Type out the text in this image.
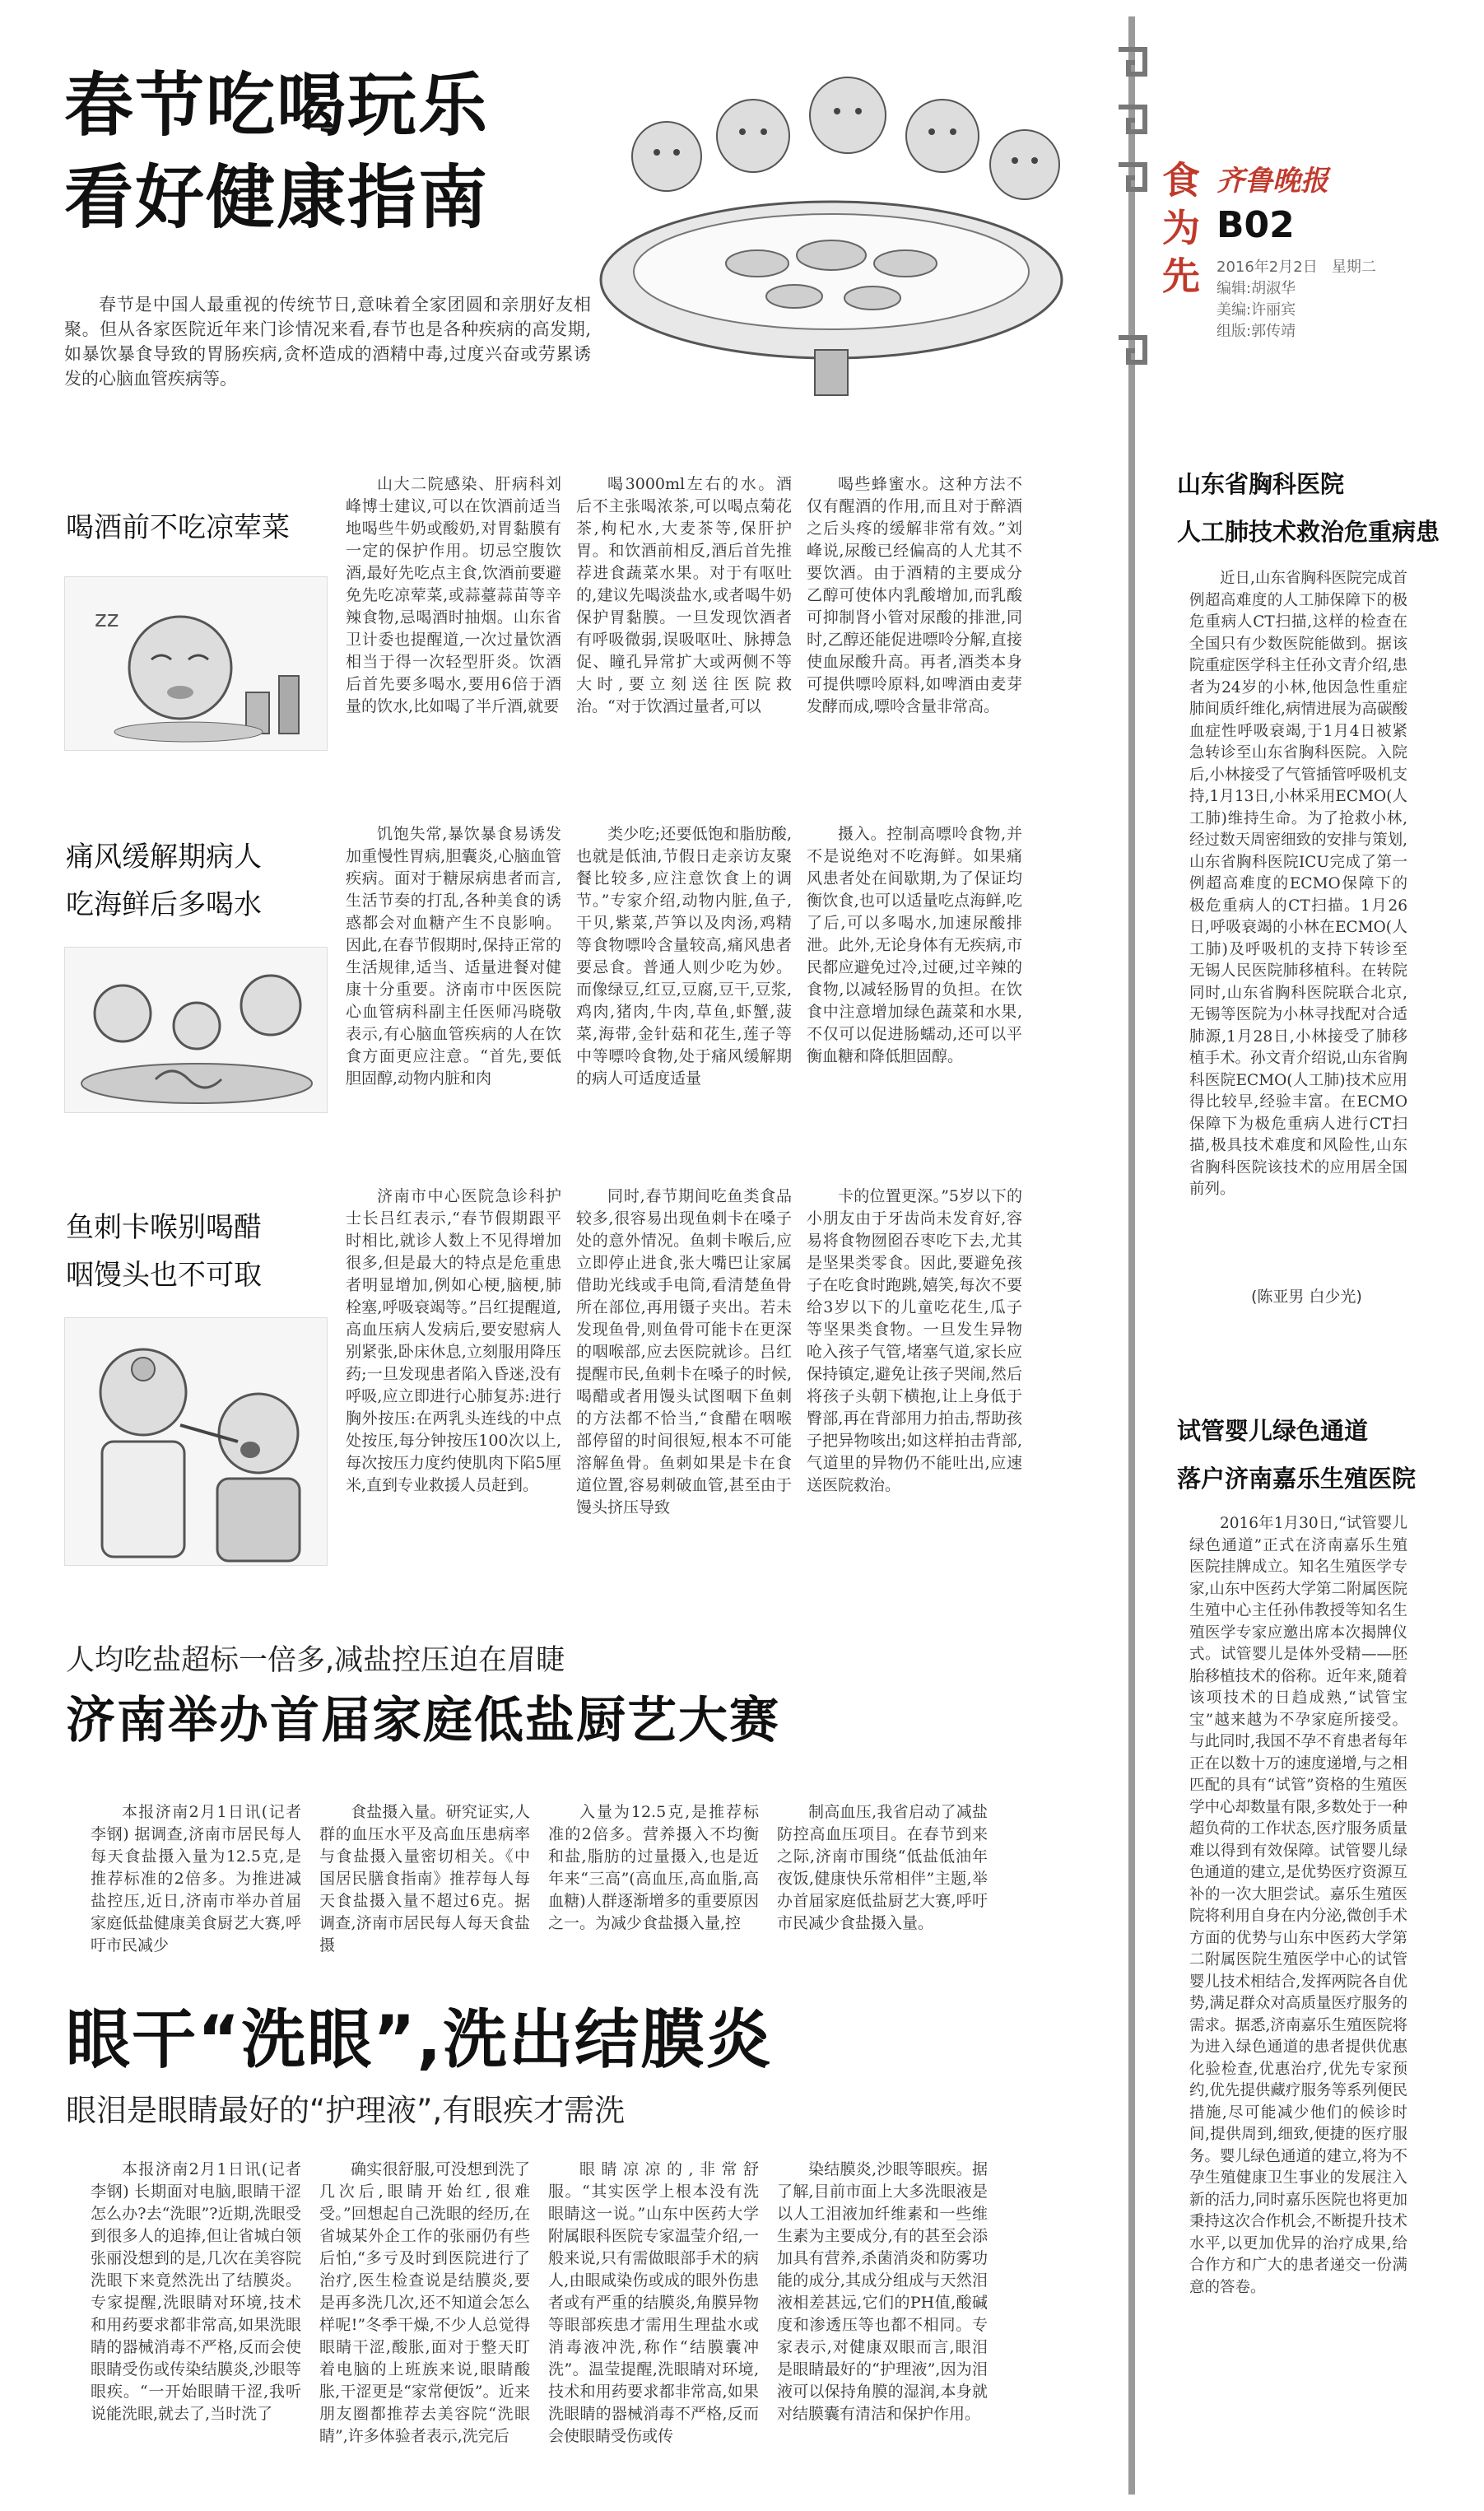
春节吃喝玩乐
看好健康指南
春节是中国人最重视的传统节日,意味着全家团圆和亲朋好友相聚。但从各家医院近年来门诊情况来看,春节也是各种疾病的高发期,如暴饮暴食导致的胃肠疾病,贪杯造成的酒精中毒,过度兴奋或劳累诱发的心脑血管疾病等。
喝酒前不吃凉荤菜
zz

山大二院感染、肝病科刘峰博士建议,可以在饮酒前适当地喝些牛奶或酸奶,对胃黏膜有一定的保护作用。切忌空腹饮酒,最好先吃点主食,饮酒前要避免先吃凉荤菜,或蒜薹蒜苗等辛辣食物,忌喝酒时抽烟。山东省卫计委也提醒道,一次过量饮酒相当于得一次轻型肝炎。饮酒后首先要多喝水,要用6倍于酒量的饮水,比如喝了半斤酒,就要

喝3000ml左右的水。酒后不主张喝浓茶,可以喝点菊花茶,枸杞水,大麦茶等,保肝护胃。和饮酒前相反,酒后首先推荐进食蔬菜水果。对于有呕吐的,建议先喝淡盐水,或者喝牛奶保护胃黏膜。一旦发现饮酒者有呼吸微弱,误吸呕吐、脉搏急促、瞳孔异常扩大或两侧不等大时,要立刻送往医院救治。“对于饮酒过量者,可以

喝些蜂蜜水。这种方法不仅有醒酒的作用,而且对于醉酒之后头疼的缓解非常有效。”刘峰说,尿酸已经偏高的人尤其不要饮酒。由于酒精的主要成分乙醇可使体内乳酸增加,而乳酸可抑制肾小管对尿酸的排泄,同时,乙醇还能促进嘌呤分解,直接使血尿酸升高。再者,酒类本身可提供嘌呤原料,如啤酒由麦芽发酵而成,嘌呤含量非常高。

痛风缓解期病人
吃海鲜后多喝水

饥饱失常,暴饮暴食易诱发加重慢性胃病,胆囊炎,心脑血管疾病。面对于糖尿病患者而言,生活节奏的打乱,各种美食的诱惑都会对血糖产生不良影响。因此,在春节假期时,保持正常的生活规律,适当、适量进餐对健康十分重要。济南市中医医院心血管病科副主任医师冯晓敬表示,有心脑血管疾病的人在饮食方面更应注意。“首先,要低胆固醇,动物内脏和肉

类少吃;还要低饱和脂肪酸,也就是低油,节假日走亲访友聚餐比较多,应注意饮食上的调节。”专家介绍,动物内脏,鱼子,干贝,紫菜,芦笋以及肉汤,鸡精等食物嘌呤含量较高,痛风患者要忌食。普通人则少吃为妙。而像绿豆,红豆,豆腐,豆干,豆浆,鸡肉,猪肉,牛肉,草鱼,虾蟹,菠菜,海带,金针菇和花生,莲子等中等嘌呤食物,处于痛风缓解期的病人可适度适量

摄入。控制高嘌呤食物,并不是说绝对不吃海鲜。如果痛风患者处在间歇期,为了保证均衡饮食,也可以适量吃点海鲜,吃了后,可以多喝水,加速尿酸排泄。此外,无论身体有无疾病,市民都应避免过冷,过硬,过辛辣的食物,以减轻肠胃的负担。在饮食中注意增加绿色蔬菜和水果,不仅可以促进肠蠕动,还可以平衡血糖和降低胆固醇。

鱼刺卡喉别喝醋
咽馒头也不可取

济南市中心医院急诊科护士长吕红表示,“春节假期跟平时相比,就诊人数上不见得增加很多,但是最大的特点是危重患者明显增加,例如心梗,脑梗,肺栓塞,呼吸衰竭等。”吕红提醒道,高血压病人发病后,要安慰病人别紧张,卧床休息,立刻服用降压药;一旦发现患者陷入昏迷,没有呼吸,应立即进行心肺复苏:进行胸外按压:在两乳头连线的中点处按压,每分钟按压100次以上,每次按压力度约使肌肉下陷5厘米,直到专业救援人员赶到。

同时,春节期间吃鱼类食品较多,很容易出现鱼刺卡在嗓子处的意外情况。鱼刺卡喉后,应立即停止进食,张大嘴巴让家属借助光线或手电筒,看清楚鱼骨所在部位,再用镊子夹出。若未发现鱼骨,则鱼骨可能卡在更深的咽喉部,应去医院就诊。吕红提醒市民,鱼刺卡在嗓子的时候,喝醋或者用馒头试图咽下鱼刺的方法都不恰当,“食醋在咽喉部停留的时间很短,根本不可能溶解鱼骨。鱼刺如果是卡在食道位置,容易刺破血管,甚至由于馒头挤压导致

卡的位置更深。”5岁以下的小朋友由于牙齿尚未发育好,容易将食物囫囵吞枣吃下去,尤其是坚果类零食。因此,要避免孩子在吃食时跑跳,嬉笑,每次不要给3岁以下的儿童吃花生,瓜子等坚果类食物。一旦发生异物呛入孩子气管,堵塞气道,家长应保持镇定,避免让孩子哭闹,然后将孩子头朝下横抱,让上身低于臀部,再在背部用力拍击,帮助孩子把异物咳出;如这样拍击背部,气道里的异物仍不能吐出,应速送医院救治。

人均吃盐超标一倍多,减盐控压迫在眉睫
济南举办首届家庭低盐厨艺大赛

本报济南2月1日讯(记者 李钢) 据调查,济南市居民每人每天食盐摄入量为12.5克,是推荐标准的2倍多。为推进减盐控压,近日,济南市举办首届家庭低盐健康美食厨艺大赛,呼吁市民减少

食盐摄入量。研究证实,人群的血压水平及高血压患病率与食盐摄入量密切相关。《中国居民膳食指南》推荐每人每天食盐摄入量不超过6克。据调查,济南市居民每人每天食盐摄

入量为12.5克,是推荐标准的2倍多。营养摄入不均衡和盐,脂肪的过量摄入,也是近年来“三高”(高血压,高血脂,高血糖)人群逐渐增多的重要原因之一。为减少食盐摄入量,控

制高血压,我省启动了减盐防控高血压项目。在春节到来之际,济南市围绕“低盐低油年夜饭,健康快乐常相伴”主题,举办首届家庭低盐厨艺大赛,呼吁市民减少食盐摄入量。

眼干“洗眼”,洗出结膜炎
眼泪是眼睛最好的“护理液”,有眼疾才需洗

本报济南2月1日讯(记者 李钢) 长期面对电脑,眼睛干涩怎么办?去“洗眼”?近期,洗眼受到很多人的追捧,但让省城白领张丽没想到的是,几次在美容院洗眼下来竟然洗出了结膜炎。专家提醒,洗眼睛对环境,技术和用药要求都非常高,如果洗眼睛的器械消毒不严格,反而会使眼睛受伤或传染结膜炎,沙眼等眼疾。“一开始眼睛干涩,我听说能洗眼,就去了,当时洗了

确实很舒服,可没想到洗了几次后,眼睛开始红,很难受。”回想起自己洗眼的经历,在省城某外企工作的张丽仍有些后怕,“多亏及时到医院进行了治疗,医生检查说是结膜炎,要是再多洗几次,还不知道会怎么样呢!”冬季干燥,不少人总觉得眼睛干涩,酸胀,面对于整天盯着电脑的上班族来说,眼睛酸胀,干涩更是“家常便饭”。近来朋友圈都推荐去美容院“洗眼睛”,许多体验者表示,洗完后

眼睛凉凉的,非常舒服。“其实医学上根本没有洗眼睛这一说。”山东中医药大学附属眼科医院专家温莹介绍,一般来说,只有需做眼部手术的病人,由眼咸染伤或成的眼外伤患者或有严重的结膜炎,角膜异物等眼部疾患才需用生理盐水或消毒液冲洗,称作“结膜囊冲洗”。温莹提醒,洗眼睛对环境,技术和用药要求都非常高,如果洗眼睛的器械消毒不严格,反而会使眼睛受伤或传

染结膜炎,沙眼等眼疾。据了解,目前市面上大多洗眼液是以人工泪液加纤维素和一些维生素为主要成分,有的甚至会添加具有营养,杀菌消炎和防雾功能的成分,其成分组成与天然泪液相差甚远,它们的PH值,酸碱度和渗透压等也都不相同。专家表示,对健康双眼而言,眼泪是眼睛最好的“护理液”,因为泪液可以保持角膜的湿润,本身就对结膜囊有清洁和保护作用。

食为先
齐鲁晚报
B02
2016年2月2日 星期二
编辑:胡淑华
美编:许丽宾
组版:郭传靖
山东省胸科医院
人工肺技术救治危重病患

近日,山东省胸科医院完成首例超高难度的人工肺保障下的极危重病人CT扫描,这样的检查在全国只有少数医院能做到。据该院重症医学科主任孙文青介绍,患者为24岁的小林,他因急性重症肺间质纤维化,病情进展为高碳酸血症性呼吸衰竭,于1月4日被紧急转诊至山东省胸科医院。入院后,小林接受了气管插管呼吸机支持,1月13日,小林采用ECMO(人工肺)维持生命。为了抢救小林,经过数天周密细致的安排与策划,山东省胸科医院ICU完成了第一例超高难度的ECMO保障下的极危重病人的CT扫描。1月26日,呼吸衰竭的小林在ECMO(人工肺)及呼吸机的支持下转诊至无锡人民医院肺移植科。在转院同时,山东省胸科医院联合北京,无锡等医院为小林寻找配对合适肺源,1月28日,小林接受了肺移植手术。孙文青介绍说,山东省胸科医院ECMO(人工肺)技术应用得比较早,经验丰富。在ECMO保障下为极危重病人进行CT扫描,极具技术难度和风险性,山东省胸科医院该技术的应用居全国前列。

(陈亚男 白少光)
试管婴儿绿色通道
落户济南嘉乐生殖医院

2016年1月30日,“试管婴儿绿色通道”正式在济南嘉乐生殖医院挂牌成立。知名生殖医学专家,山东中医药大学第二附属医院生殖中心主任孙伟教授等知名生殖医学专家应邀出席本次揭牌仪式。试管婴儿是体外受精——胚胎移植技术的俗称。近年来,随着该项技术的日趋成熟,“试管宝宝”越来越为不孕家庭所接受。与此同时,我国不孕不育患者每年正在以数十万的速度递增,与之相匹配的具有“试管”资格的生殖医学中心却数量有限,多数处于一种超负荷的工作状态,医疗服务质量难以得到有效保障。试管婴儿绿色通道的建立,是优势医疗资源互补的一次大胆尝试。嘉乐生殖医院将利用自身在内分泌,微创手术方面的优势与山东中医药大学第二附属医院生殖医学中心的试管婴儿技术相结合,发挥两院各自优势,满足群众对高质量医疗服务的需求。据悉,济南嘉乐生殖医院将为进入绿色通道的患者提供优惠化验检查,优惠治疗,优先专家预约,优先提供藏疗服务等系列便民措施,尽可能减少他们的候诊时间,提供周到,细致,便捷的医疗服务。婴儿绿色通道的建立,将为不孕生殖健康卫生事业的发展注入新的活力,同时嘉乐医院也将更加秉持这次合作机会,不断提升技术水平,以更加优异的治疗成果,给合作方和广大的患者递交一份满意的答卷。
